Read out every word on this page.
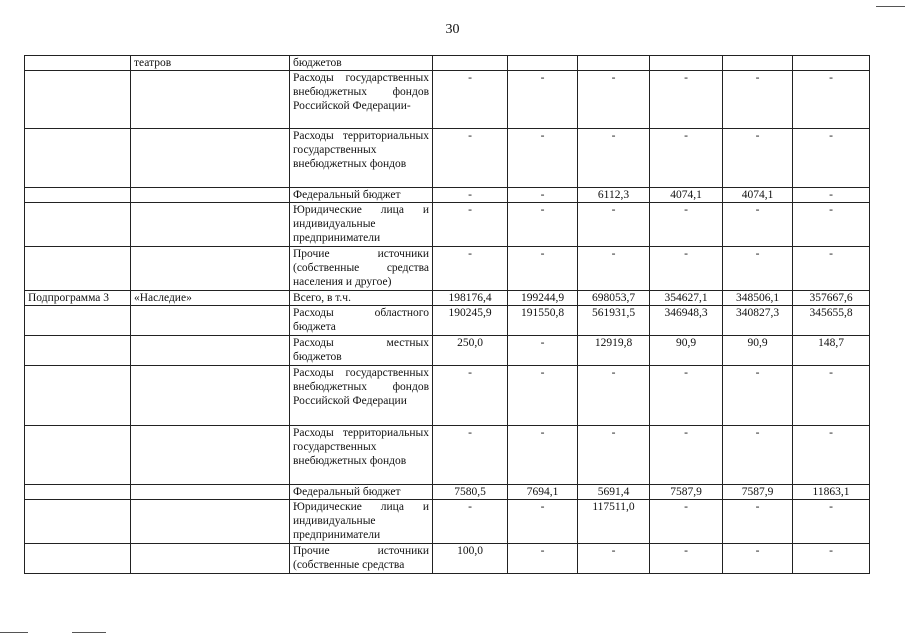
30
	театров	бюджетов						
		Расходы государственных внебюджетных фондов Российской Федерации-	-	-	-	-	-	-
		Расходы территориальных государственных внебюджетных фондов	-	-	-	-	-	-
		Федеральный бюджет	-	-	6112,3	4074,1	4074,1	-
		Юридические лица и индивидуальные предприниматели	-	-	-	-	-	-
		Прочие источники (собственные средства населения и другое)	-	-	-	-	-	-
Подпрограмма 3	«Наследие»	Всего, в т.ч.	198176,4	199244,9	698053,7	354627,1	348506,1	357667,6
		Расходы областного бюджета	190245,9	191550,8	561931,5	346948,3	340827,3	345655,8
		Расходы местных бюджетов	250,0	-	12919,8	90,9	90,9	148,7
		Расходы государственных внебюджетных фондов Российской Федерации	-	-	-	-	-	-
		Расходы территориальных государственных внебюджетных фондов	-	-	-	-	-	-
		Федеральный бюджет	7580,5	7694,1	5691,4	7587,9	7587,9	11863,1
		Юридические лица и индивидуальные предприниматели	-	-	117511,0	-	-	-
		Прочие источники (собственные средства	100,0	-	-	-	-	-
